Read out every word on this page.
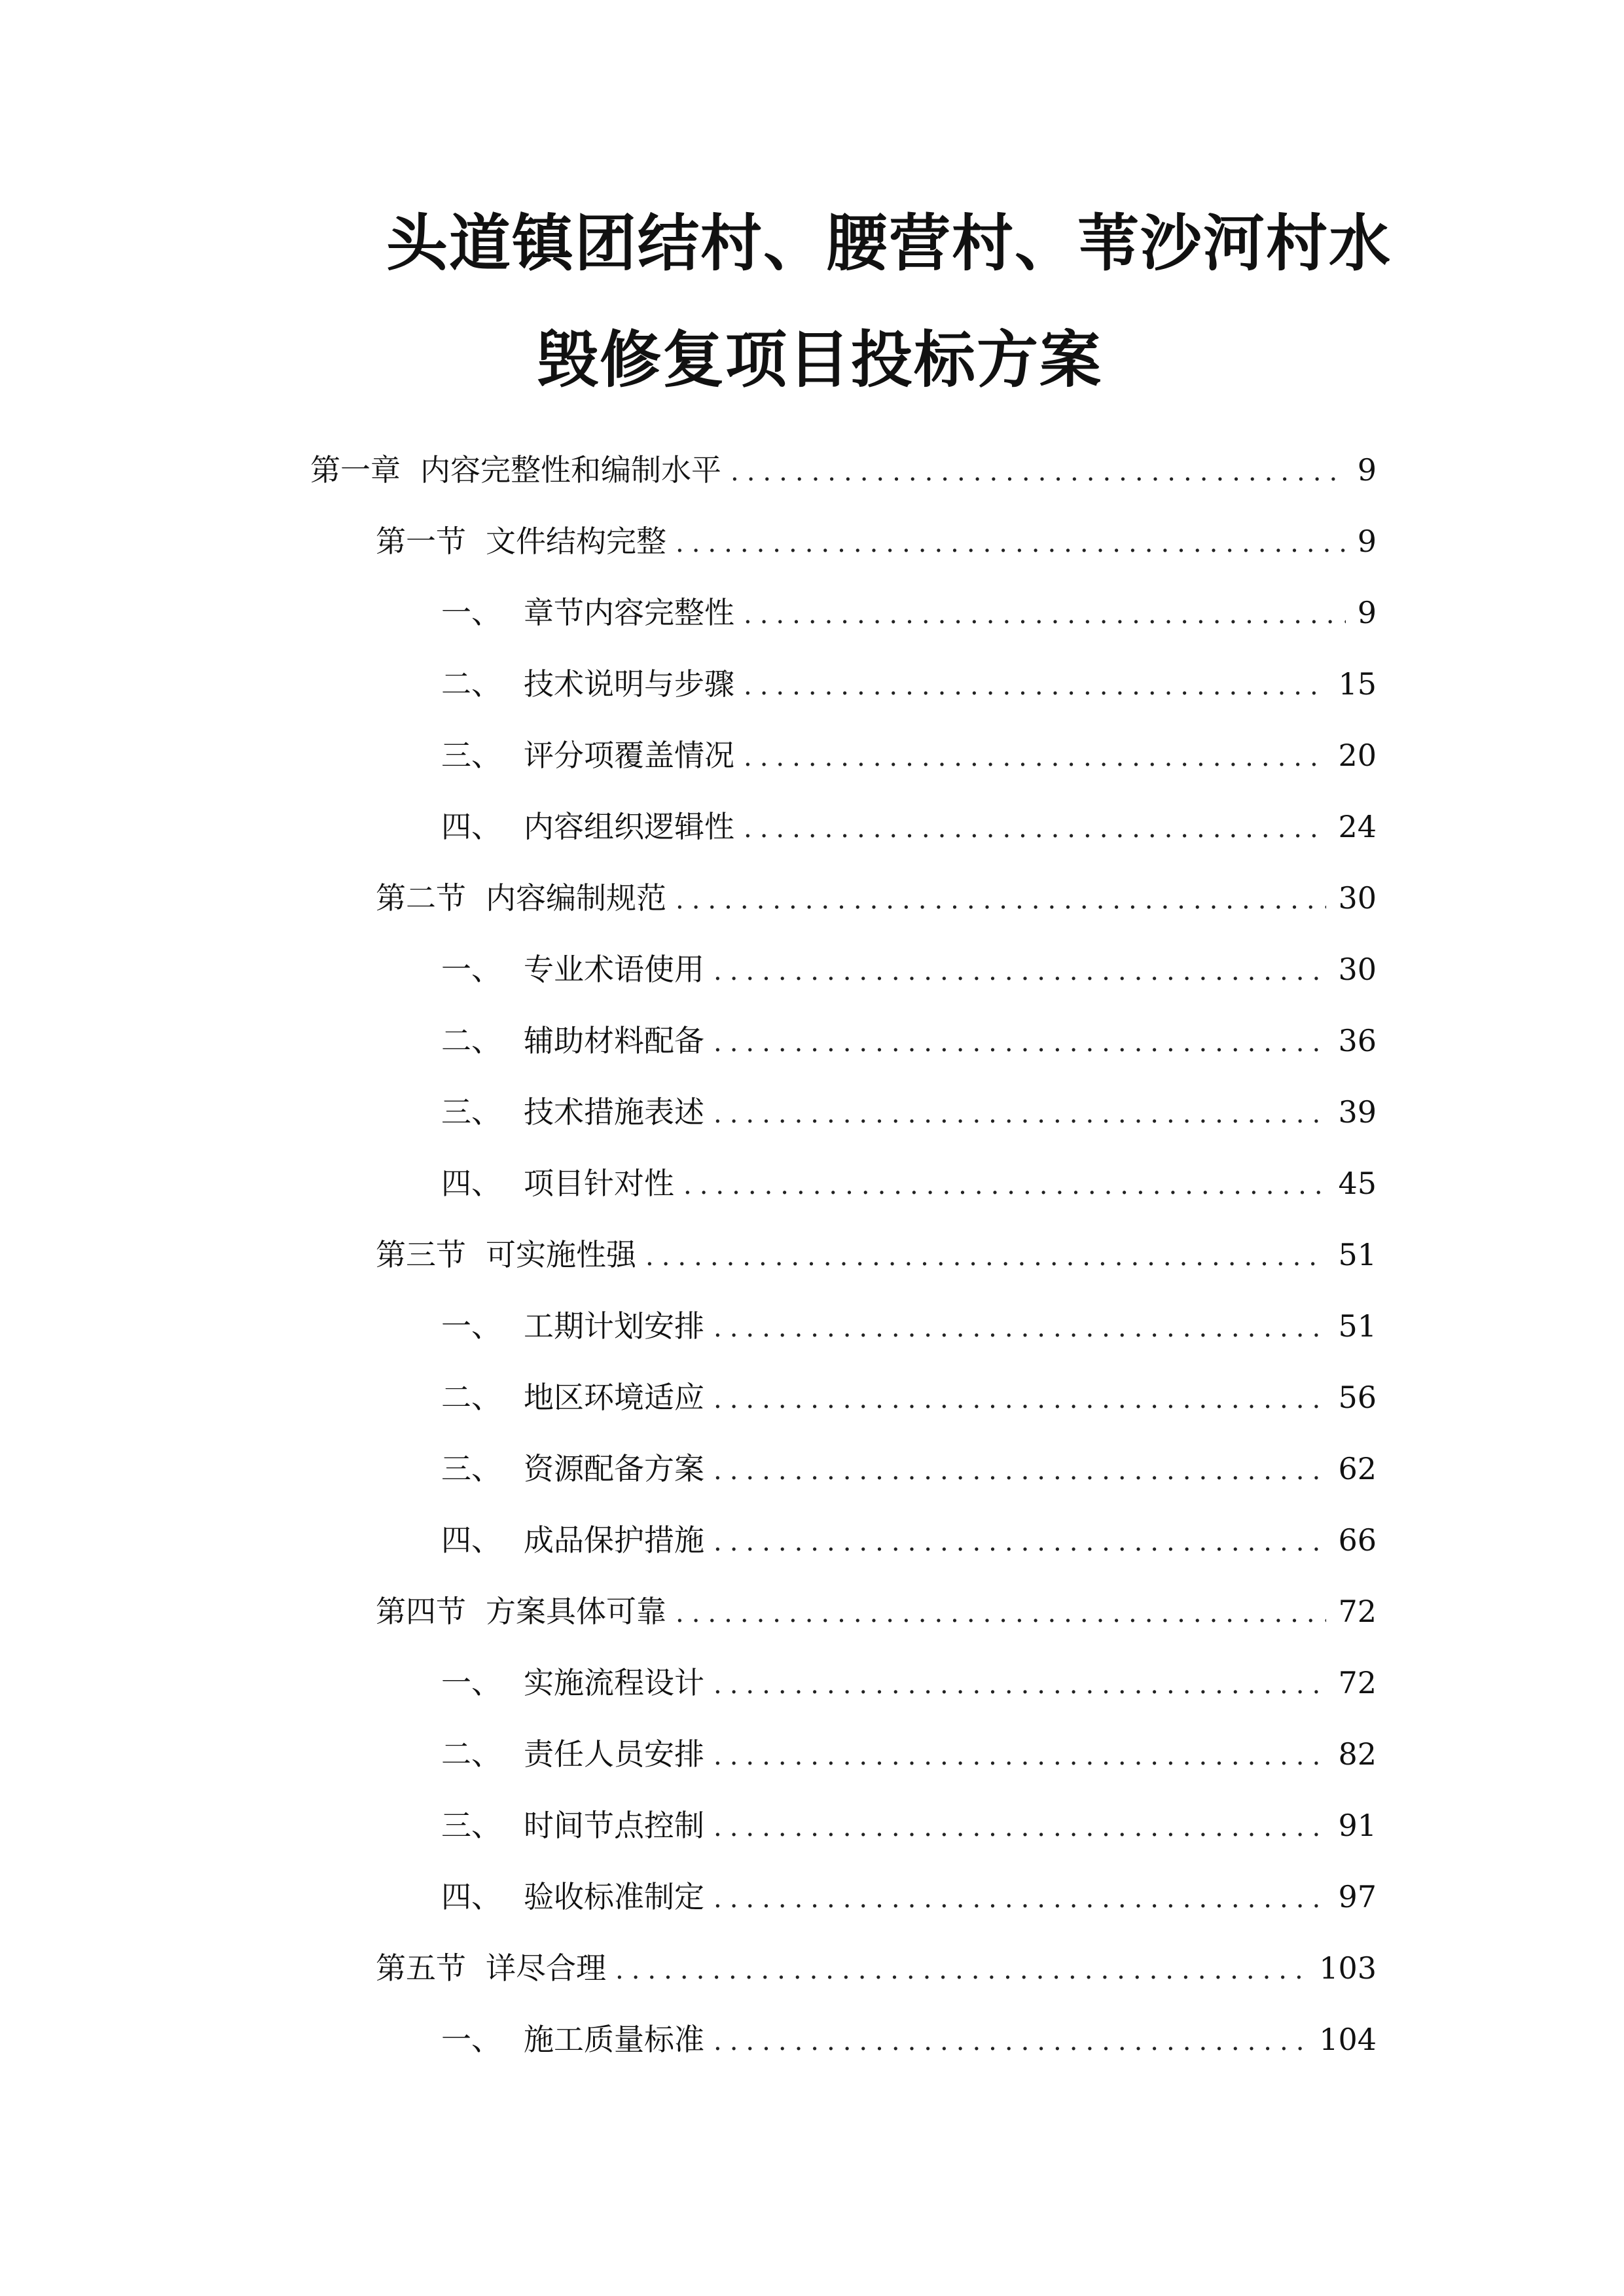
头道镇团结村、腰营村、苇沙河村水
毁修复项目投标方案
第一章 内容完整性和编制水平 .....	9
第一节 文件结构完整 .....	9
一、 章节内容完整性 .....	9
二、 技术说明与步骤 .....	15
三、 评分项覆盖情况 .....	20
四、 内容组织逻辑性 .....	24
第二节 内容编制规范 .....	30
一、 专业术语使用 .....	30
二、 辅助材料配备 .....	36
三、 技术措施表述 .....	39
四、 项目针对性 .....	45
第三节 可实施性强 .....	51
一、 工期计划安排 .....	51
二、 地区环境适应 .....	56
三、 资源配备方案 .....	62
四、 成品保护措施 .....	66
第四节 方案具体可靠 .....	72
一、 实施流程设计 .....	72
二、 责任人员安排 .....	82
三、 时间节点控制 .....	91
四、 验收标准制定 .....	97
第五节 详尽合理 .....	103
一、 施工质量标准 .....	104
